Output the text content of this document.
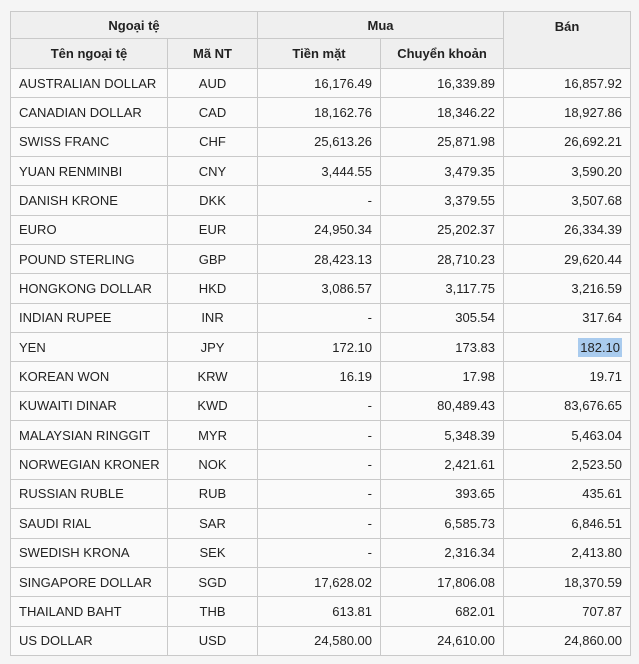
Ngoại tệ		Mua		Bán
Tên ngoại tệ	Mã NT	Tiền mặt	Chuyển khoản	
AUSTRALIAN DOLLAR	AUD	16,176.49	16,339.89	16,857.92
CANADIAN DOLLAR	CAD	18,162.76	18,346.22	18,927.86
SWISS FRANC	CHF	25,613.26	25,871.98	26,692.21
YUAN RENMINBI	CNY	3,444.55	3,479.35	3,590.20
DANISH KRONE	DKK	-	3,379.55	3,507.68
EURO	EUR	24,950.34	25,202.37	26,334.39
POUND STERLING	GBP	28,423.13	28,710.23	29,620.44
HONGKONG DOLLAR	HKD	3,086.57	3,117.75	3,216.59
INDIAN RUPEE	INR	-	305.54	317.64
YEN	JPY	172.10	173.83	182.10
KOREAN WON	KRW	16.19	17.98	19.71
KUWAITI DINAR	KWD	-	80,489.43	83,676.65
MALAYSIAN RINGGIT	MYR	-	5,348.39	5,463.04
NORWEGIAN KRONER	NOK	-	2,421.61	2,523.50
RUSSIAN RUBLE	RUB	-	393.65	435.61
SAUDI RIAL	SAR	-	6,585.73	6,846.51
SWEDISH KRONA	SEK	-	2,316.34	2,413.80
SINGAPORE DOLLAR	SGD	17,628.02	17,806.08	18,370.59
THAILAND BAHT	THB	613.81	682.01	707.87
US DOLLAR	USD	24,580.00	24,610.00	24,860.00
